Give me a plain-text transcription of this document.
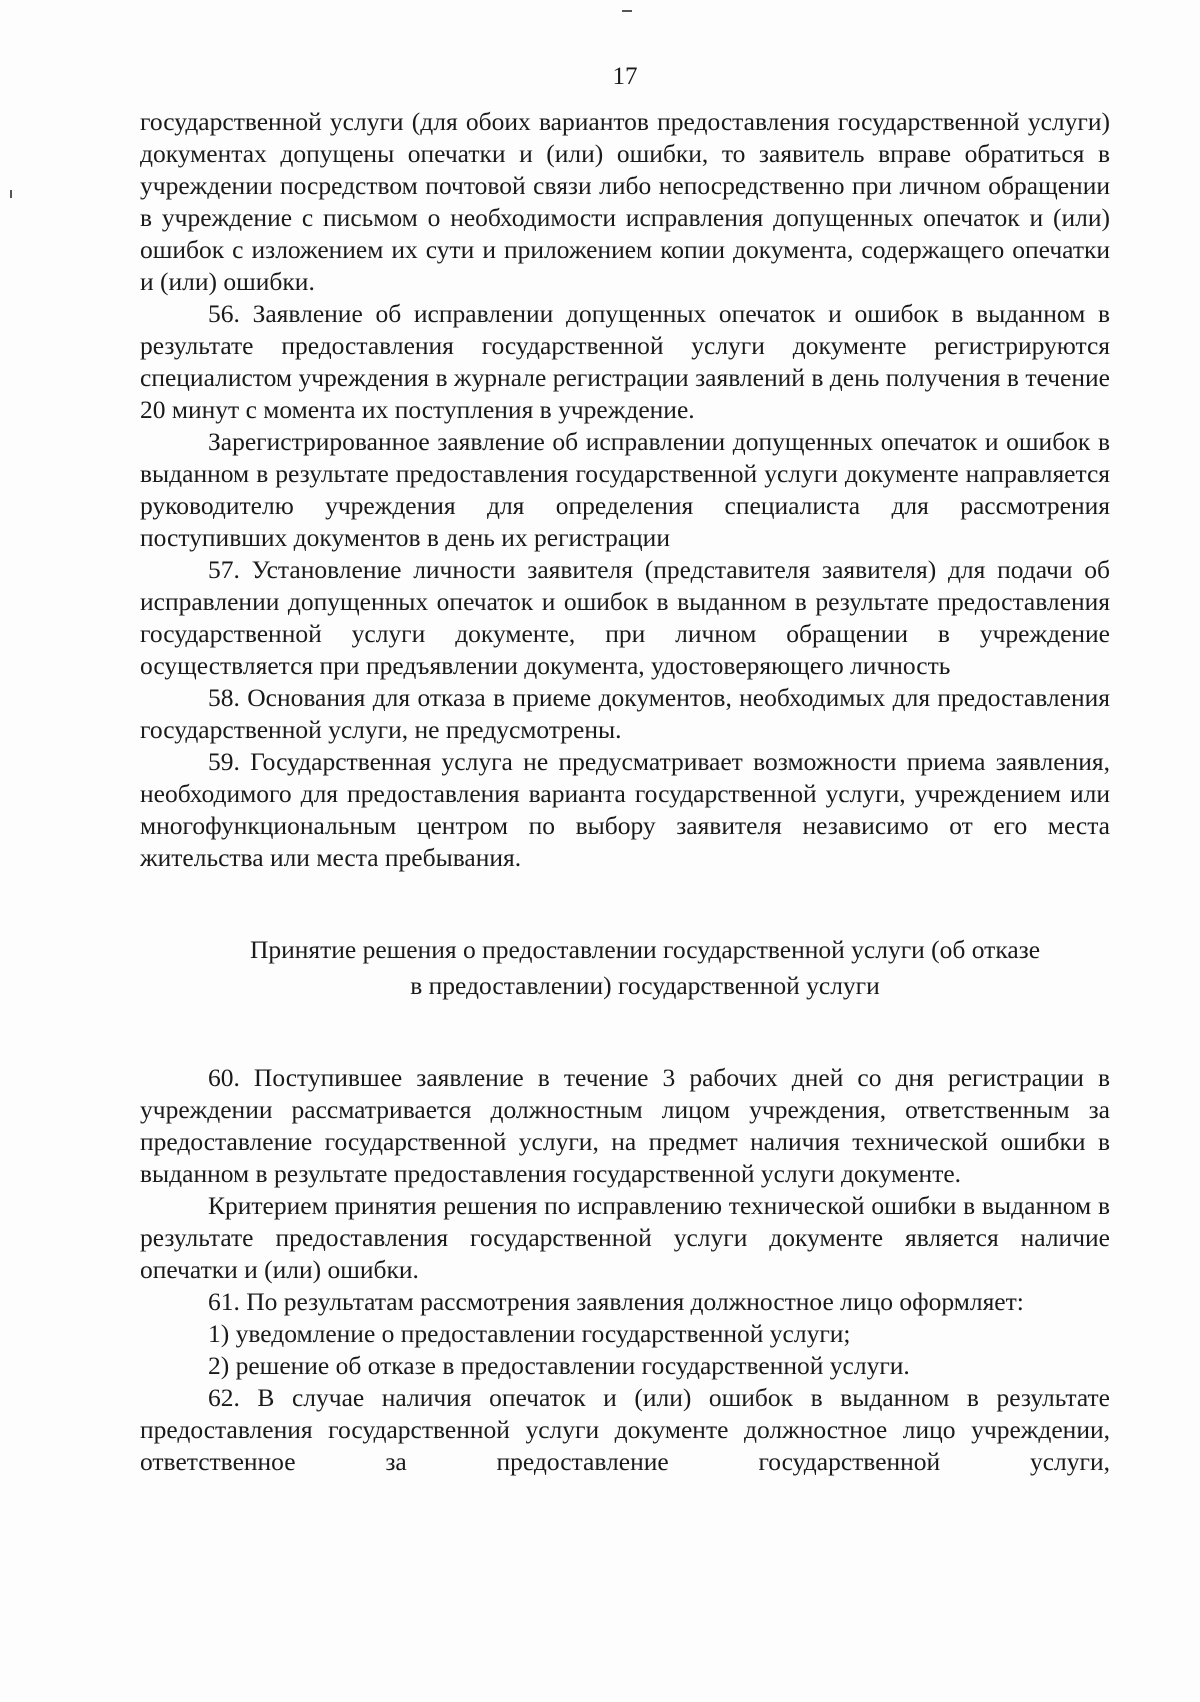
17

государственной услуги (для обоих вариантов предоставления государственной услуги) документах допущены опечатки и (или) ошибки, то заявитель вправе обратиться в учреждении посредством почтовой связи либо непосредственно при личном обращении в учреждение с письмом о необходимости исправления допущенных опечаток и (или) ошибок с изложением их сути и приложением копии документа, содержащего опечатки и (или) ошибки.

56. Заявление об исправлении допущенных опечаток и ошибок в выданном в результате предоставления государственной услуги документе регистрируются специалистом учреждения в журнале регистрации заявлений в день получения в течение 20 минут с момента их поступления в учреждение.

Зарегистрированное заявление об исправлении допущенных опечаток и ошибок в выданном в результате предоставления государственной услуги документе направляется руководителю учреждения для определения специалиста для рассмотрения поступивших документов в день их регистрации

57. Установление личности заявителя (представителя заявителя) для подачи об исправлении допущенных опечаток и ошибок в выданном в результате предоставления государственной услуги документе, при личном обращении в учреждение осуществляется при предъявлении документа, удостоверяющего личность

58. Основания для отказа в приеме документов, необходимых для предоставления государственной услуги, не предусмотрены.

59. Государственная услуга не предусматривает возможности приема заявления, необходимого для предоставления варианта государственной услуги, учреждением или многофункциональным центром по выбору заявителя независимо от его места жительства или места пребывания.

Принятие решения о предоставлении государственной услуги (об отказе
в предоставлении) государственной услуги

60. Поступившее заявление в течение 3 рабочих дней со дня регистрации в учреждении рассматривается должностным лицом учреждения, ответственным за предоставление государственной услуги, на предмет наличия технической ошибки в выданном в результате предоставления государственной услуги документе.

Критерием принятия решения по исправлению технической ошибки в выданном в результате предоставления государственной услуги документе является наличие опечатки и (или) ошибки.

61. По результатам рассмотрения заявления должностное лицо оформляет:

1) уведомление о предоставлении государственной услуги;

2) решение об отказе в предоставлении государственной услуги.

62. В случае наличия опечаток и (или) ошибок в выданном в результате предоставления государственной услуги документе должностное лицо учреждении, ответственное за предоставление государственной услуги,
